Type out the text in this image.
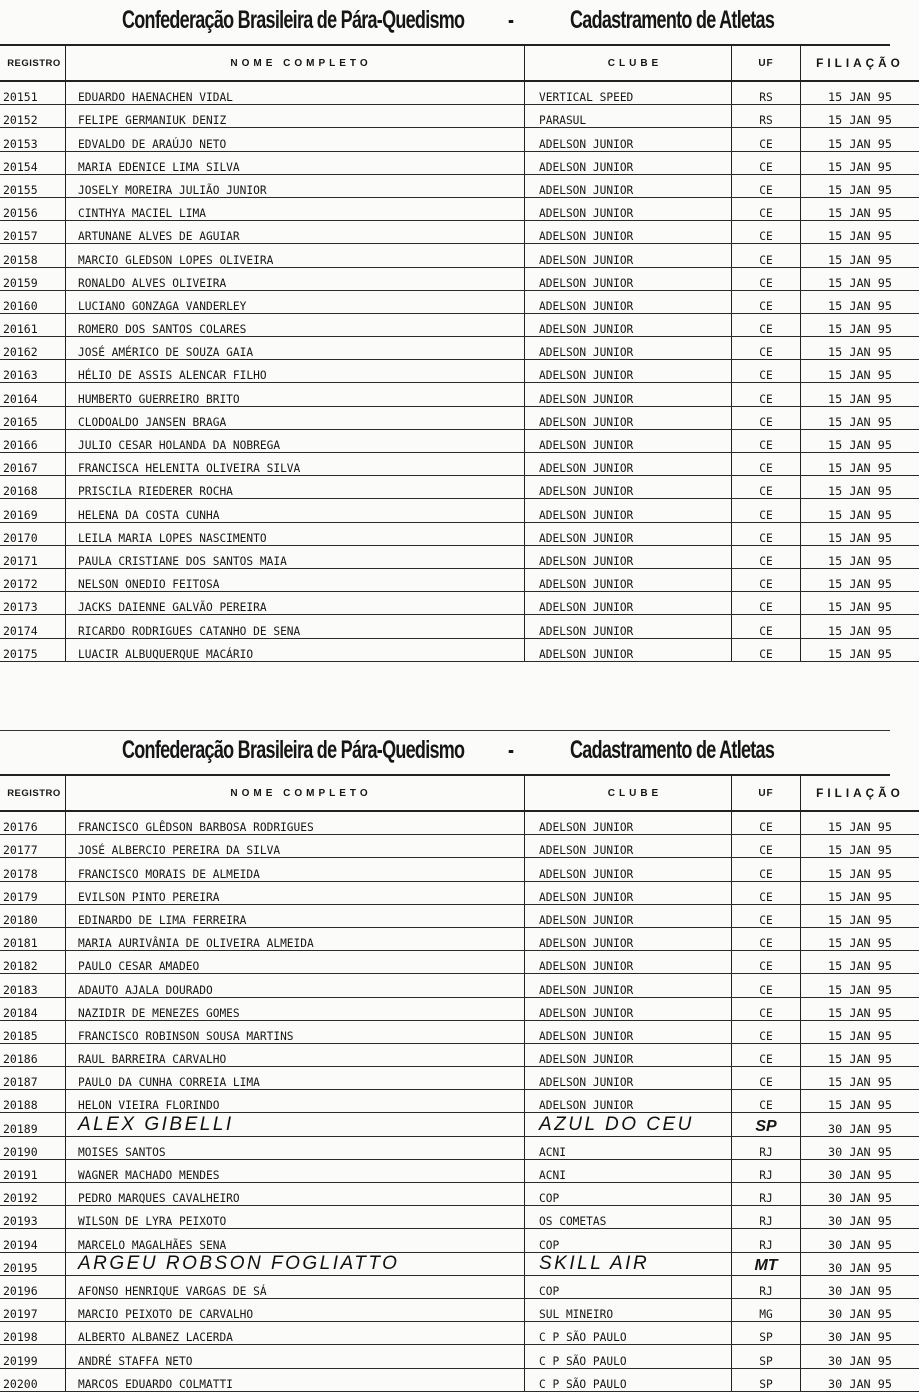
Confederação Brasileira de Pára-Quedismo - Cadastramento de Atletas
REGISTRO	NOME COMPLETO	CLUBE	UF	FILIAÇÃO
20151	EDUARDO HAENACHEN VIDAL	VERTICAL SPEED	RS	15 JAN 95
20152	FELIPE GERMANIUK DENIZ	PARASUL	RS	15 JAN 95
20153	EDVALDO DE ARAÚJO NETO	ADELSON JUNIOR	CE	15 JAN 95
20154	MARIA EDENICE LIMA SILVA	ADELSON JUNIOR	CE	15 JAN 95
20155	JOSELY MOREIRA JULIÃO JUNIOR	ADELSON JUNIOR	CE	15 JAN 95
20156	CINTHYA MACIEL LIMA	ADELSON JUNIOR	CE	15 JAN 95
20157	ARTUNANE ALVES DE AGUIAR	ADELSON JUNIOR	CE	15 JAN 95
20158	MARCIO GLEDSON LOPES OLIVEIRA	ADELSON JUNIOR	CE	15 JAN 95
20159	RONALDO ALVES OLIVEIRA	ADELSON JUNIOR	CE	15 JAN 95
20160	LUCIANO GONZAGA VANDERLEY	ADELSON JUNIOR	CE	15 JAN 95
20161	ROMERO DOS SANTOS COLARES	ADELSON JUNIOR	CE	15 JAN 95
20162	JOSÉ AMÉRICO DE SOUZA GAIA	ADELSON JUNIOR	CE	15 JAN 95
20163	HÉLIO DE ASSIS ALENCAR FILHO	ADELSON JUNIOR	CE	15 JAN 95
20164	HUMBERTO GUERREIRO BRITO	ADELSON JUNIOR	CE	15 JAN 95
20165	CLODOALDO JANSEN BRAGA	ADELSON JUNIOR	CE	15 JAN 95
20166	JULIO CESAR HOLANDA DA NOBREGA	ADELSON JUNIOR	CE	15 JAN 95
20167	FRANCISCA HELENITA OLIVEIRA SILVA	ADELSON JUNIOR	CE	15 JAN 95
20168	PRISCILA RIEDERER ROCHA	ADELSON JUNIOR	CE	15 JAN 95
20169	HELENA DA COSTA CUNHA	ADELSON JUNIOR	CE	15 JAN 95
20170	LEILA MARIA LOPES NASCIMENTO	ADELSON JUNIOR	CE	15 JAN 95
20171	PAULA CRISTIANE DOS SANTOS MAIA	ADELSON JUNIOR	CE	15 JAN 95
20172	NELSON ONEDIO FEITOSA	ADELSON JUNIOR	CE	15 JAN 95
20173	JACKS DAIENNE GALVÃO PEREIRA	ADELSON JUNIOR	CE	15 JAN 95
20174	RICARDO RODRIGUES CATANHO DE SENA	ADELSON JUNIOR	CE	15 JAN 95
20175	LUACIR ALBUQUERQUE MACÁRIO	ADELSON JUNIOR	CE	15 JAN 95
Confederação Brasileira de Pára-Quedismo - Cadastramento de Atletas
REGISTRO	NOME COMPLETO	CLUBE	UF	FILIAÇÃO
20176	FRANCISCO GLÊDSON BARBOSA RODRIGUES	ADELSON JUNIOR	CE	15 JAN 95
20177	JOSÉ ALBERCIO PEREIRA DA SILVA	ADELSON JUNIOR	CE	15 JAN 95
20178	FRANCISCO MORAIS DE ALMEIDA	ADELSON JUNIOR	CE	15 JAN 95
20179	EVILSON PINTO PEREIRA	ADELSON JUNIOR	CE	15 JAN 95
20180	EDINARDO DE LIMA FERREIRA	ADELSON JUNIOR	CE	15 JAN 95
20181	MARIA AURIVÂNIA DE OLIVEIRA ALMEIDA	ADELSON JUNIOR	CE	15 JAN 95
20182	PAULO CESAR AMADEO	ADELSON JUNIOR	CE	15 JAN 95
20183	ADAUTO AJALA DOURADO	ADELSON JUNIOR	CE	15 JAN 95
20184	NAZIDIR DE MENEZES GOMES	ADELSON JUNIOR	CE	15 JAN 95
20185	FRANCISCO ROBINSON SOUSA MARTINS	ADELSON JUNIOR	CE	15 JAN 95
20186	RAUL BARREIRA CARVALHO	ADELSON JUNIOR	CE	15 JAN 95
20187	PAULO DA CUNHA CORREIA LIMA	ADELSON JUNIOR	CE	15 JAN 95
20188	HELON VIEIRA FLORINDO	ADELSON JUNIOR	CE	15 JAN 95
20189	ALEX GIBELLI	AZUL DO CEU	SP	30 JAN 95
20190	MOISES SANTOS	ACNI	RJ	30 JAN 95
20191	WAGNER MACHADO MENDES	ACNI	RJ	30 JAN 95
20192	PEDRO MARQUES CAVALHEIRO	COP	RJ	30 JAN 95
20193	WILSON DE LYRA PEIXOTO	OS COMETAS	RJ	30 JAN 95
20194	MARCELO MAGALHÃES SENA	COP	RJ	30 JAN 95
20195	ARGEU ROBSON FOGLIATTO	SKILL AIR	MT	30 JAN 95
20196	AFONSO HENRIQUE VARGAS DE SÁ	COP	RJ	30 JAN 95
20197	MARCIO PEIXOTO DE CARVALHO	SUL MINEIRO	MG	30 JAN 95
20198	ALBERTO ALBANEZ LACERDA	C P SÃO PAULO	SP	30 JAN 95
20199	ANDRÉ STAFFA NETO	C P SÃO PAULO	SP	30 JAN 95
20200	MARCOS EDUARDO COLMATTI	C P SÃO PAULO	SP	30 JAN 95
